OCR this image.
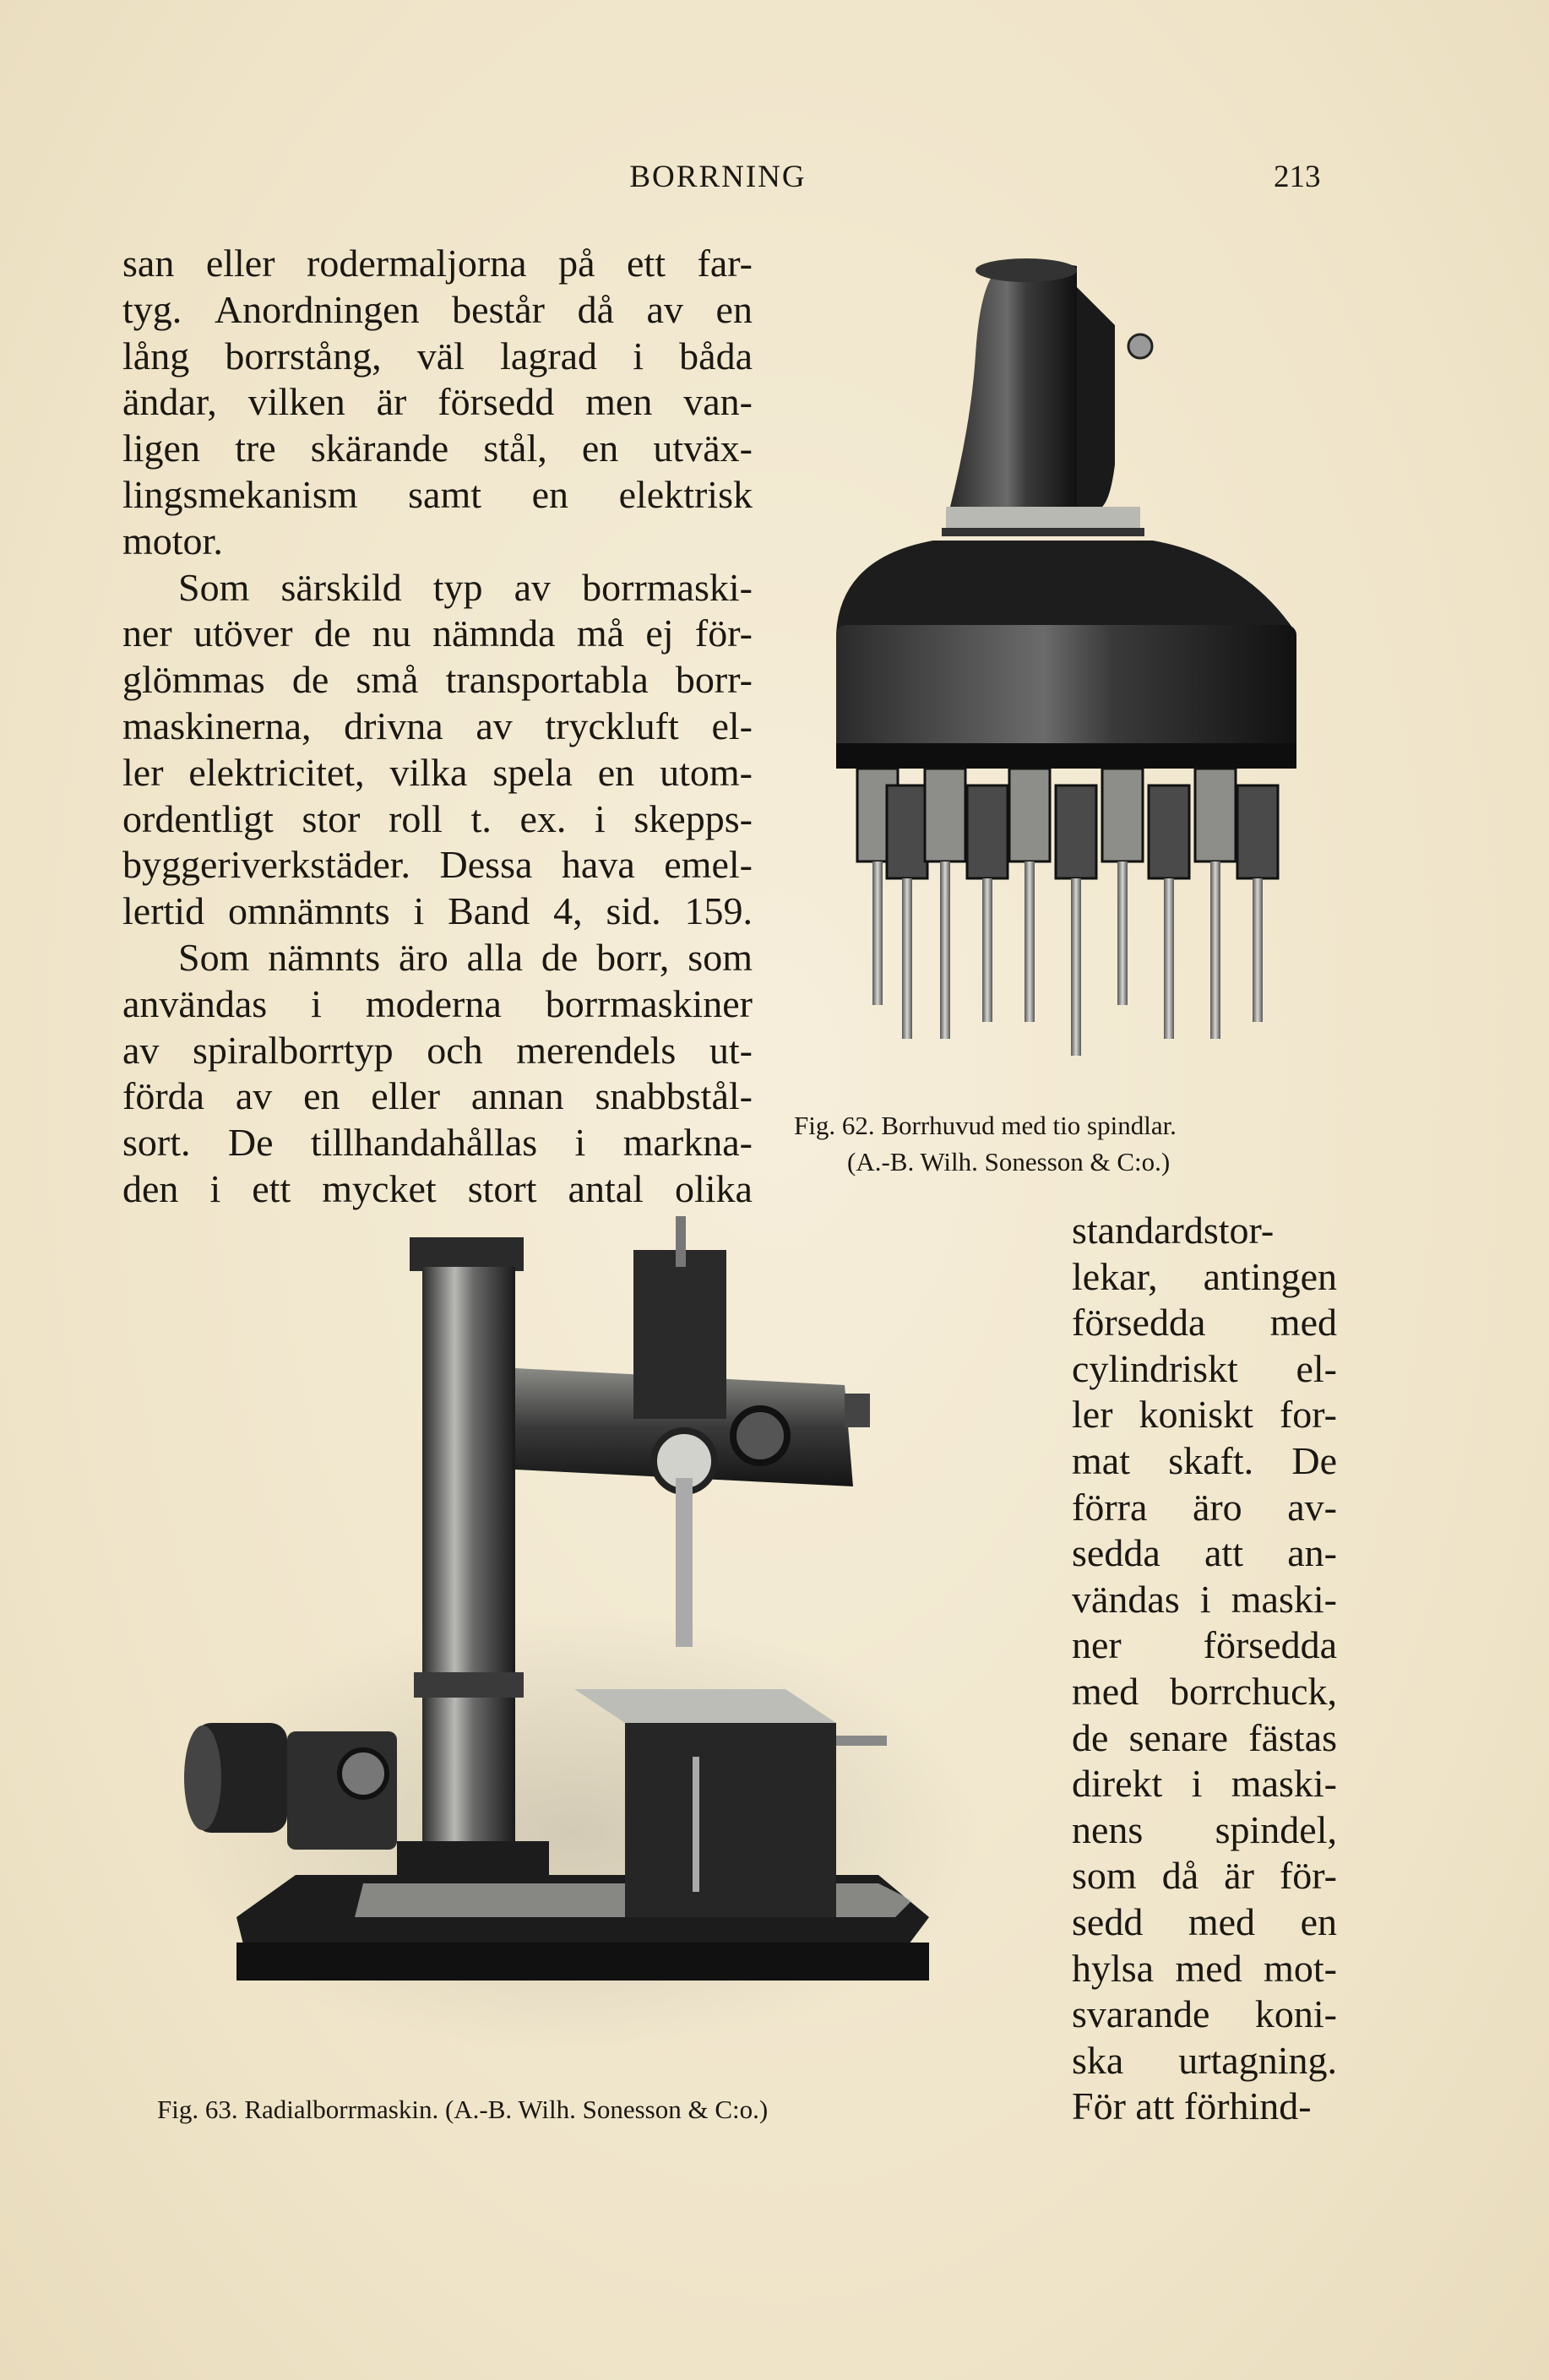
BORRNING	213
san eller rodermaljorna på ett far-
tyg. Anordningen består då av en
lång borrstång, väl lagrad i båda
ändar, vilken är försedd men van-
ligen tre skärande stål, en utväx-
lingsmekanism samt en elektrisk
motor.
Som särskild typ av borrmaski-
ner utöver de nu nämnda må ej för-
glömmas de små transportabla borr-
maskinerna, drivna av tryckluft el-
ler elektricitet, vilka spela en utom-
ordentligt stor roll t. ex. i skepps-
byggeriverkstäder. Dessa hava emel-
lertid omnämnts i Band 4, sid. 159.
Som nämnts äro alla de borr, som
användas i moderna borrmaskiner
av spiralborrtyp och merendels ut-
förda av en eller annan snabbstål-
sort. De tillhandahållas i markna-
den i ett mycket stort antal olika
standardstor-
lekar, antingen
försedda med
cylindriskt el-
ler koniskt for-
mat skaft. De
förra äro av-
sedda att an-
vändas i maski-
ner försedda
med borrchuck,
de senare fästas
direkt i maski-
nens spindel,
som då är för-
sedd med en
hylsa med mot-
svarande koni-
ska urtagning.
För att förhind-
Fig. 62. Borrhuvud med tio spindlar.
(A.-B. Wilh. Sonesson & C:o.)
Fig. 63. Radialborrmaskin. (A.-B. Wilh. Sonesson & C:o.)
